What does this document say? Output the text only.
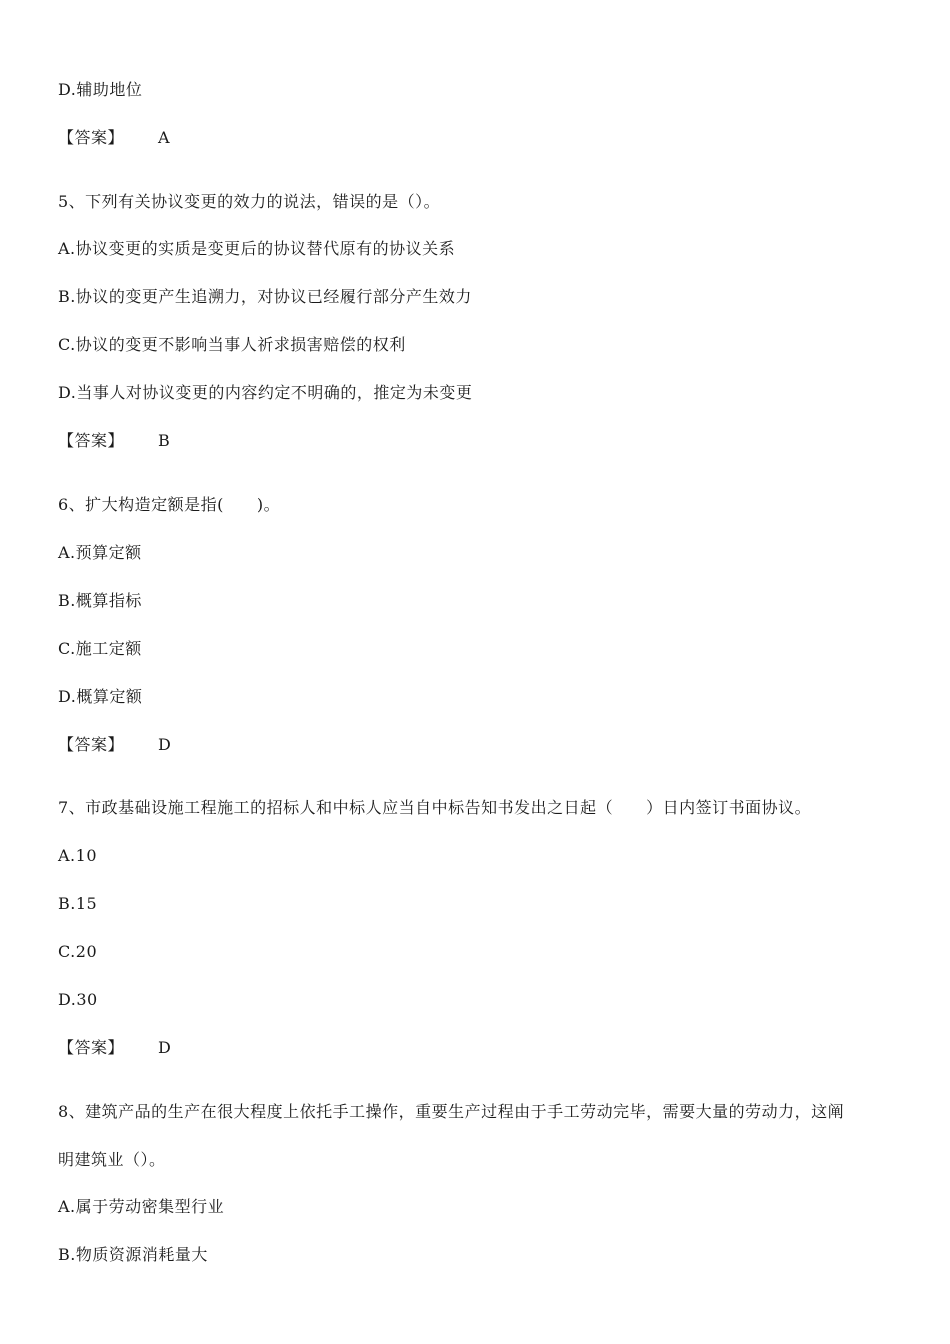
D.辅助地位
【答案】 A
5、下列有关协议变更的效力的说法，错误的是（）。
A.协议变更的实质是变更后的协议替代原有的协议关系
B.协议的变更产生追溯力，对协议已经履行部分产生效力
C.协议的变更不影响当事人祈求损害赔偿的权利
D.当事人对协议变更的内容约定不明确的，推定为未变更
【答案】 B
6、扩大构造定额是指(　　)。
A.预算定额
B.概算指标
C.施工定额
D.概算定额
【答案】 D
7、市政基础设施工程施工的招标人和中标人应当自中标告知书发出之日起（　　）日内签订书面协议。
A.10
B.15
C.20
D.30
【答案】 D
8、建筑产品的生产在很大程度上依托手工操作，重要生产过程由于手工劳动完毕，需要大量的劳动力，这阐
明建筑业（）。
A.属于劳动密集型行业
B.物质资源消耗量大
